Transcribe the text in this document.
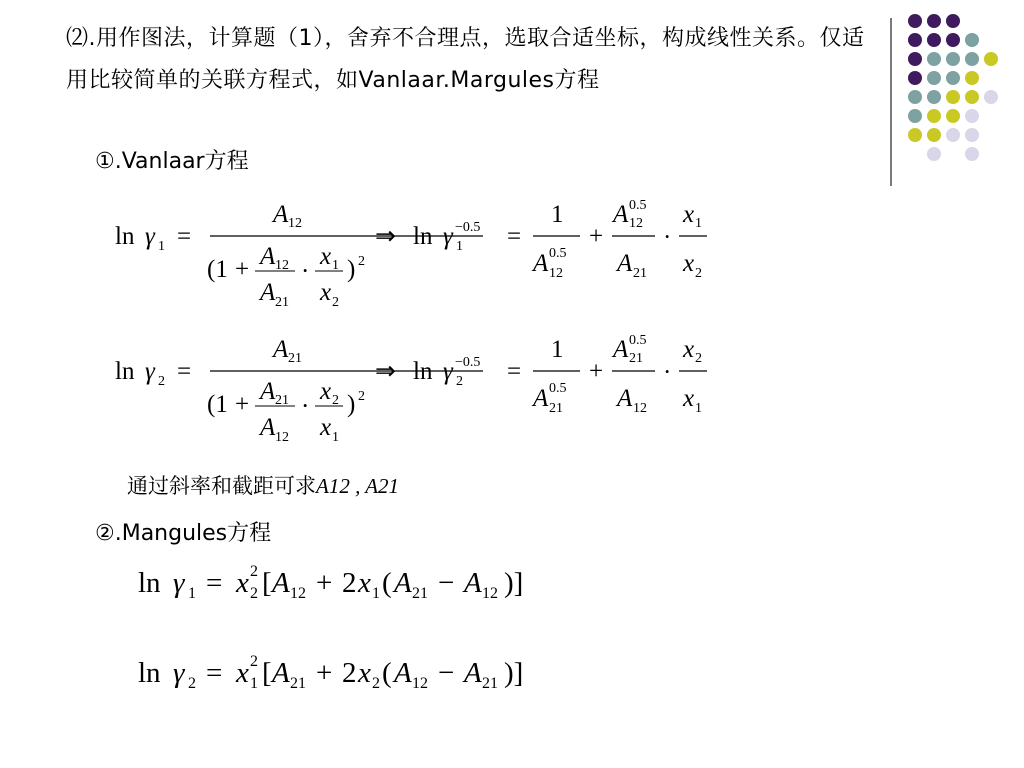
⑵.用作图法，计算题（1），舍弃不合理点，选取合适坐标，构成线性关系。仅适用比较简单的关联方程式，如Vanlaar.Margules方程
①.Vanlaar方程
ln γ 1 =
A 12
(1 + A 12
A 21
·
x 1
x 2
) 2
⇒ ln γ 1
−0.5 =
1
A 12
0.5
+
A 12
0.5
A 21
·
x 1
x 2
ln γ 2 =
A 21
(1 + A 21
A 12
·
x 2
x 1
) 2
⇒ ln γ 2
−0.5 =
1
A 21
0.5
+
A 21
0.5
A 12
·
x 2
x 1
通过斜率和截距可求A12 , A21
②.Mangules方程
ln γ 1 = x 2
2 [ A 12 + 2 x 1 ( A 21 − A 12 )]
ln γ 2 = x 1
2 [ A 21 + 2 x 2 ( A 12 − A 21 )]
